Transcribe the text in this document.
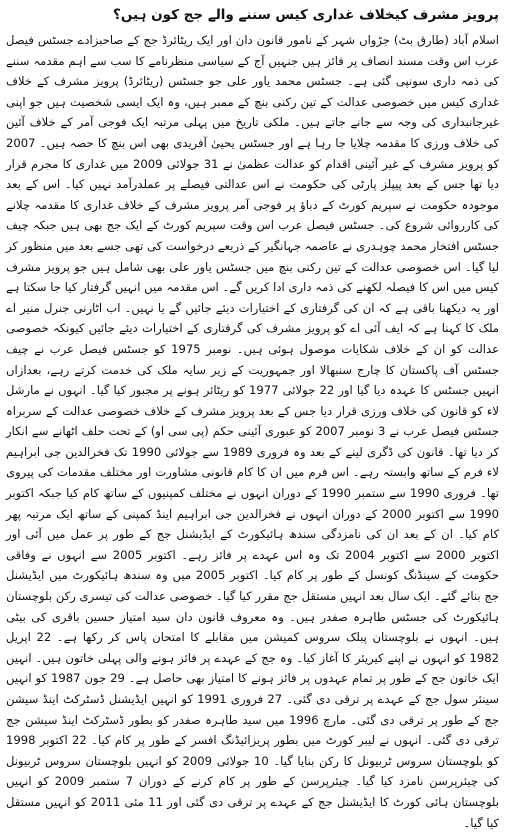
پرویز مشرف کیخلاف غداری کیس سننے والے جج کون ہیں؟

اسلام آباد (طارق بٹ) جڑواں شہر کے نامور قانون دان اور ایک ریٹائرڈ جج کے صاحبزادے جسٹس فیصل عرب اس وقت مسند انصاف پر فائز ہیں جنہیں آج کے سیاسی منظرنامے کا سب سے اہم مقدمہ سننے کی ذمہ داری سونپی گئی ہے۔ جسٹس محمد یاور علی جو جسٹس (ریٹائرڈ) پرویز مشرف کے خلاف غداری کیس میں خصوصی عدالت کے تین رکنی بنچ کے ممبر ہیں، وہ ایک ایسی شخصیت ہیں جو اپنی غیرجانبداری کی وجہ سے جانے جاتے ہیں۔ ملکی تاریخ میں پہلی مرتبہ ایک فوجی آمر کے خلاف آئین کی خلاف ورزی کا مقدمہ چلایا جا رہا ہے اور جسٹس یحییٰ آفریدی بھی اس بنچ کا حصہ ہیں۔ 2007 کو پرویز مشرف کے غیر آئینی اقدام کو عدالت عظمیٰ نے 31 جولائی 2009 میں غداری کا مجرم قرار دیا تھا جس کے بعد پیپلز پارٹی کی حکومت نے اس عدالتی فیصلے پر عملدرآمد نہیں کیا۔ اس کے بعد موجودہ حکومت نے سپریم کورٹ کے دباؤ پر فوجی آمر پرویز مشرف کے خلاف غداری کا مقدمہ چلانے کی کارروائی شروع کی۔ جسٹس فیصل عرب اس وقت سپریم کورٹ کے ایک جج بھی ہیں جبکہ چیف جسٹس افتخار محمد چوہدری نے عاصمہ جہانگیر کے ذریعے درخواست کی تھی جسے بعد میں منظور کر لیا گیا۔ اس خصوصی عدالت کے تین رکنی بنچ میں جسٹس یاور علی بھی شامل ہیں جو پرویز مشرف کیس میں اس کا فیصلہ لکھنے کی ذمہ داری ادا کریں گے۔ اس مقدمہ میں انہیں گرفتار کیا جا سکتا ہے اور یہ دیکھنا باقی ہے کہ ان کی گرفتاری کے اختیارات دیئے جائیں گے یا نہیں۔ اب اٹارنی جنرل منیر اے ملک کا کہنا ہے کہ ایف آئی اے کو پرویز مشرف کی گرفتاری کے اختیارات دیئے جائیں کیونکہ خصوصی عدالت کو ان کے خلاف شکایات موصول ہوئی ہیں۔ نومبر 1975 کو جسٹس فیصل عرب نے چیف جسٹس آف پاکستان کا چارج سنبھالا اور جمہوریت کے زیر سایہ ملک کی خدمت کرتے رہے، بعدازاں انہیں جسٹس کا عہدہ دیا گیا اور 22 جولائی 1977 کو ریٹائر ہونے پر مجبور کیا گیا۔ انہوں نے مارشل لاء کو قانون کی خلاف ورزی قرار دیا جس کے بعد پرویز مشرف کے خلاف خصوصی عدالت کے سربراہ جسٹس فیصل عرب نے 3 نومبر 2007 کو عبوری آئینی حکم (پی سی او) کے تحت حلف اٹھانے سے انکار کر دیا تھا۔ قانون کی ڈگری لینے کے بعد وہ فروری 1989 سے جولائی 1990 تک فخرالدین جی ابراہیم لاء فرم کے ساتھ وابستہ رہے۔ اس فرم میں ان کا کام قانونی مشاورت اور مختلف مقدمات کی پیروی تھا۔ فروری 1990 سے ستمبر 1990 کے دوران انہوں نے مختلف کمپنیوں کے ساتھ کام کیا جبکہ اکتوبر 1990 سے اکتوبر 2000 کے دوران انہوں نے فخرالدین جی ابراہیم اینڈ کمپنی کے ساتھ ایک مرتبہ پھر کام کیا۔ ان کے بعد ان کی نامزدگی سندھ ہائیکورٹ کے ایڈیشنل جج کے طور پر عمل میں آئی اور اکتوبر 2000 سے اکتوبر 2004 تک وہ اس عہدے پر فائز رہے۔ اکتوبر 2005 سے انہوں نے وفاقی حکومت کے سینڈنگ کونسل کے طور پر کام کیا۔ اکتوبر 2005 میں وہ سندھ ہائیکورٹ میں ایڈیشنل جج بنائے گئے۔ ایک سال بعد انہیں مستقل جج مقرر کیا گیا۔ خصوصی عدالت کی تیسری رکن بلوچستان ہائیکورٹ کی جسٹس طاہرہ صفدر ہیں۔ وہ معروف قانون دان سید امتیاز حسین باقری کی بیٹی ہیں۔ انہوں نے بلوچستان پبلک سروس کمیشن میں مقابلے کا امتحان پاس کر رکھا ہے۔ 22 اپریل 1982 کو انہوں نے اپنے کیریئر کا آغاز کیا۔ وہ جج کے عہدے پر فائز ہونے والی پہلی خاتون ہیں۔ انہیں ایک خاتون جج کے طور پر تمام عہدوں پر فائز ہونے کا امتیاز بھی حاصل ہے۔ 29 جون 1987 کو انہیں سینئر سول جج کے عہدے پر ترقی دی گئی۔ 27 فروری 1991 کو انہیں ایڈیشنل ڈسٹرکٹ اینڈ سیشن جج کے طور پر ترقی دی گئی۔ مارچ 1996 میں سید طاہرہ صفدر کو بطور ڈسٹرکٹ اینڈ سیشن جج ترقی دی گئی۔ انہوں نے لیبر کورٹ میں بطور پریزائیڈنگ افسر کے طور پر کام کیا۔ 22 اکتوبر 1998 کو بلوچستان سروس ٹربیونل کا رکن بنایا گیا۔ 10 جولائی 2009 کو انہیں بلوچستان سروس ٹربیونل کی چیئرپرسن نامزد کیا گیا۔ چیئرپرسن کے طور پر کام کرنے کے دوران 7 ستمبر 2009 کو انہیں بلوچستان ہائی کورٹ کا ایڈیشنل جج کے عہدے پر ترقی دی گئی اور 11 مئی 2011 کو انہیں مستقل کیا گیا۔
